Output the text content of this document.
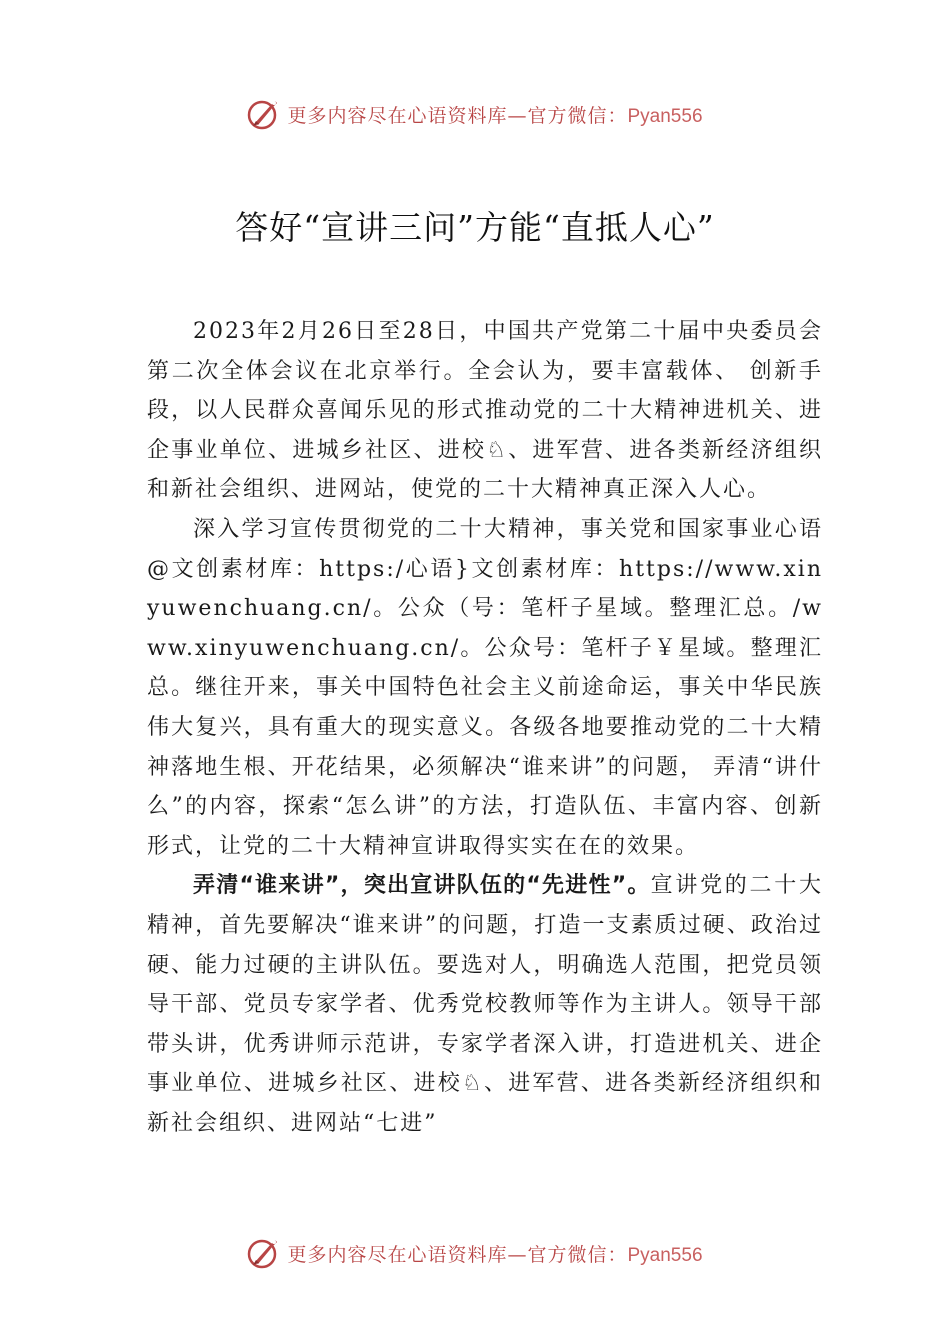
更多内容尽在心语资料库—官方微信：Pyan556
答好“宣讲三问”方能“直抵人心”

2023年2月26日至28日，中国共产党第二十届中央委员会第二次全体会议在北京举行。全会认为，要丰富载体、 创新手段，以人民群众喜闻乐见的形式推动党的二十大精神进机关、进企事业单位、进城乡社区、进校♘、进军营、进各类新经济组织和新社会组织、进网站，使党的二十大精神真正深入人心。

深入学习宣传贯彻党的二十大精神，事关党和国家事业心语@文创素材库：https:/心语}文创素材库：https://www.xinyuwenchuang.cn/。公众（号：笔杆子星域。整理汇总。/www.xinyuwenchuang.cn/。公众号：笔杆子￥星域。整理汇总。继往开来，事关中国特色社会主义前途命运，事关中华民族伟大复兴，具有重大的现实意义。各级各地要推动党的二十大精神落地生根、开花结果，必须解决“谁来讲”的问题， 弄清“讲什么”的内容，探索“怎么讲”的方法，打造队伍、丰富内容、创新形式，让党的二十大精神宣讲取得实实在在的效果。

弄清“谁来讲”，突出宣讲队伍的“先进性”。宣讲党的二十大精神，首先要解决“谁来讲”的问题，打造一支素质过硬、政治过硬、能力过硬的主讲队伍。要选对人，明确选人范围，把党员领导干部、党员专家学者、优秀党校教师等作为主讲人。领导干部带头讲，优秀讲师示范讲，专家学者深入讲，打造进机关、进企事业单位、进城乡社区、进校♘、进军营、进各类新经济组织和新社会组织、进网站“七进”

更多内容尽在心语资料库—官方微信：Pyan556
